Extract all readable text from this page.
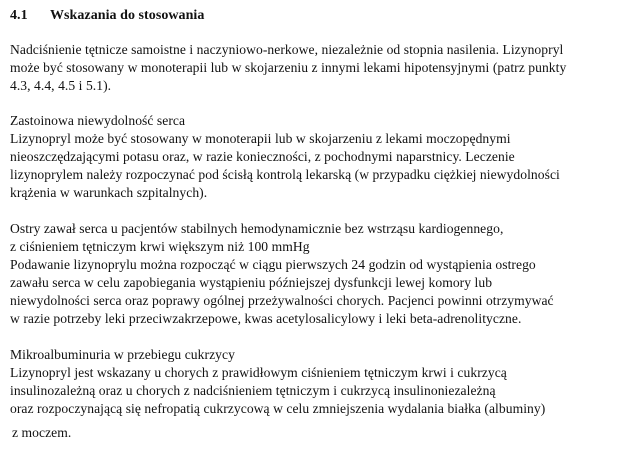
4.1 Wskazania do stosowania
Nadciśnienie tętnicze samoistne i naczyniowo-nerkowe, niezależnie od stopnia nasilenia. Lizynopryl
może być stosowany w monoterapii lub w skojarzeniu z innymi lekami hipotensyjnymi (patrz punkty
4.3, 4.4, 4.5 i 5.1).
Zastoinowa niewydolność serca
Lizynopryl może być stosowany w monoterapii lub w skojarzeniu z lekami moczopędnymi
nieoszczędzającymi potasu oraz, w razie konieczności, z pochodnymi naparstnicy. Leczenie
lizynoprylem należy rozpoczynać pod ścisłą kontrolą lekarską (w przypadku ciężkiej niewydolności
krążenia w warunkach szpitalnych).
Ostry zawał serca u pacjentów stabilnych hemodynamicznie bez wstrząsu kardiogennego,
z ciśnieniem tętniczym krwi większym niż 100 mmHg
Podawanie lizynoprylu można rozpocząć w ciągu pierwszych 24 godzin od wystąpienia ostrego
zawału serca w celu zapobiegania wystąpieniu późniejszej dysfunkcji lewej komory lub
niewydolności serca oraz poprawy ogólnej przeżywalności chorych. Pacjenci powinni otrzymywać
w razie potrzeby leki przeciwzakrzepowe, kwas acetylosalicylowy i leki beta-adrenolityczne.
Mikroalbuminuria w przebiegu cukrzycy
Lizynopryl jest wskazany u chorych z prawidłowym ciśnieniem tętniczym krwi i cukrzycą
insulinozależną oraz u chorych z nadciśnieniem tętniczym i cukrzycą insulinoniezależną
oraz rozpoczynającą się nefropatią cukrzycową w celu zmniejszenia wydalania białka (albuminy)
z moczem.
